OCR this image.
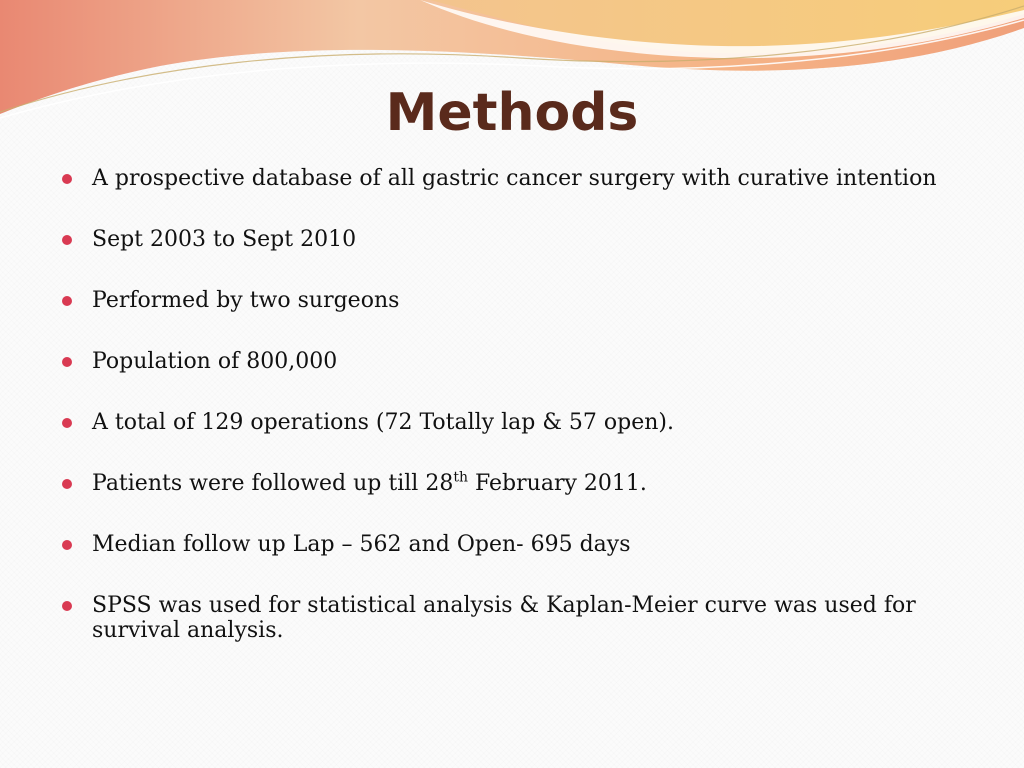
Methods
A prospective database of all gastric cancer surgery with curative intention
Sept 2003 to Sept 2010
Performed by two surgeons
Population of 800,000
A total of 129 operations (72 Totally lap & 57 open).
Patients were followed up till 28th February 2011.
Median follow up Lap – 562 and Open- 695 days
SPSS was used for statistical analysis & Kaplan-Meier curve was used for survival analysis.
